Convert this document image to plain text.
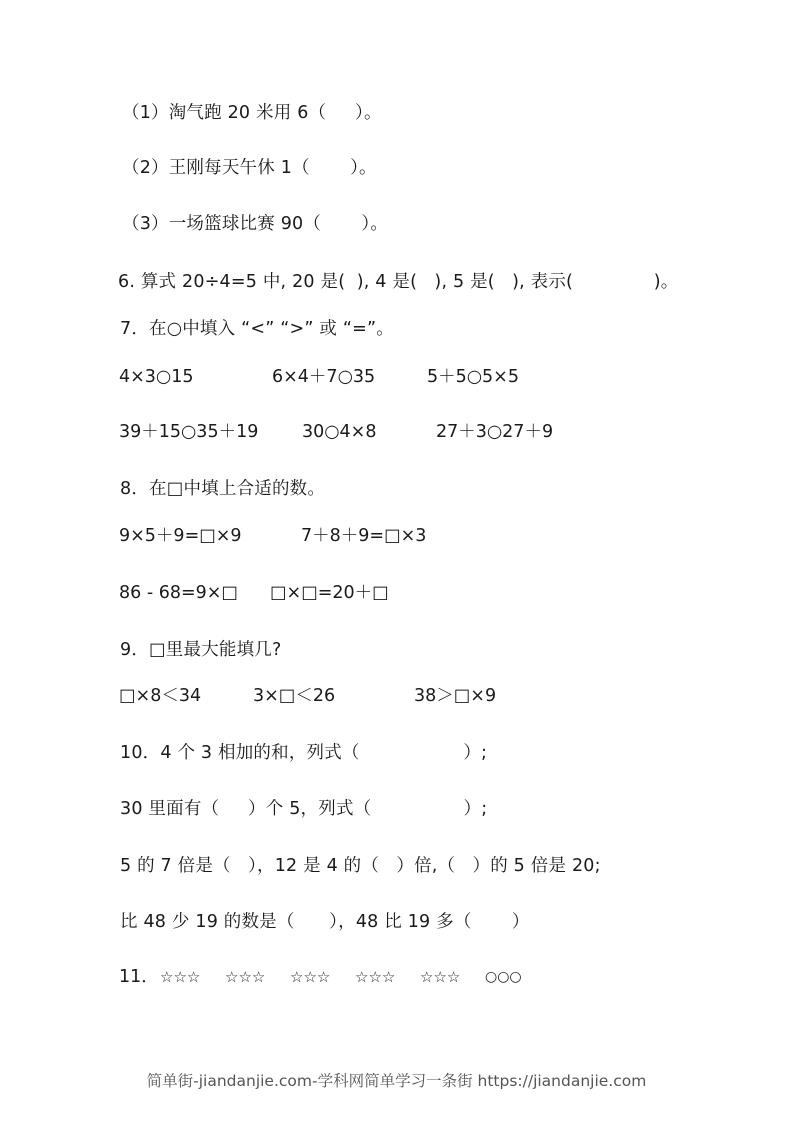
（1）淘气跑 20 米用 6（     ）。
（2）王刚每天午休 1（       ）。
（3）一场篮球比赛 90（       ）。
6. 算式 20÷4=5 中, 20 是(  ), 4 是(   ), 5 是(   ), 表示(              )。
7．在○中填入 “<” “>” 或 “=”。
4×3○15	6×4＋7○35	5＋5○5×5
39＋15○35＋19 30○4×8	27＋3○27＋9
8．在□中填上合适的数。
9×5＋9=□×9	7＋8＋9=□×3
86 - 68=9×□ □×□=20＋□
9．□里最大能填几?
□×8＜34	3×□＜26	38＞□×9
10．4 个 3 相加的和，列式（                  ）;
30 里面有（     ）个 5，列式（                ）;
5 的 7 倍是（   ），12 是 4 的（   ）倍,（   ）的 5 倍是 20;
比 48 少 19 的数是（      ），48 比 19 多（       ）
11． ☆☆☆ ☆☆☆ ☆☆☆ ☆☆☆ ☆☆☆ ○○○
简单街-jiandanjie.com-学科网简单学习一条街 https://jiandanjie.com
